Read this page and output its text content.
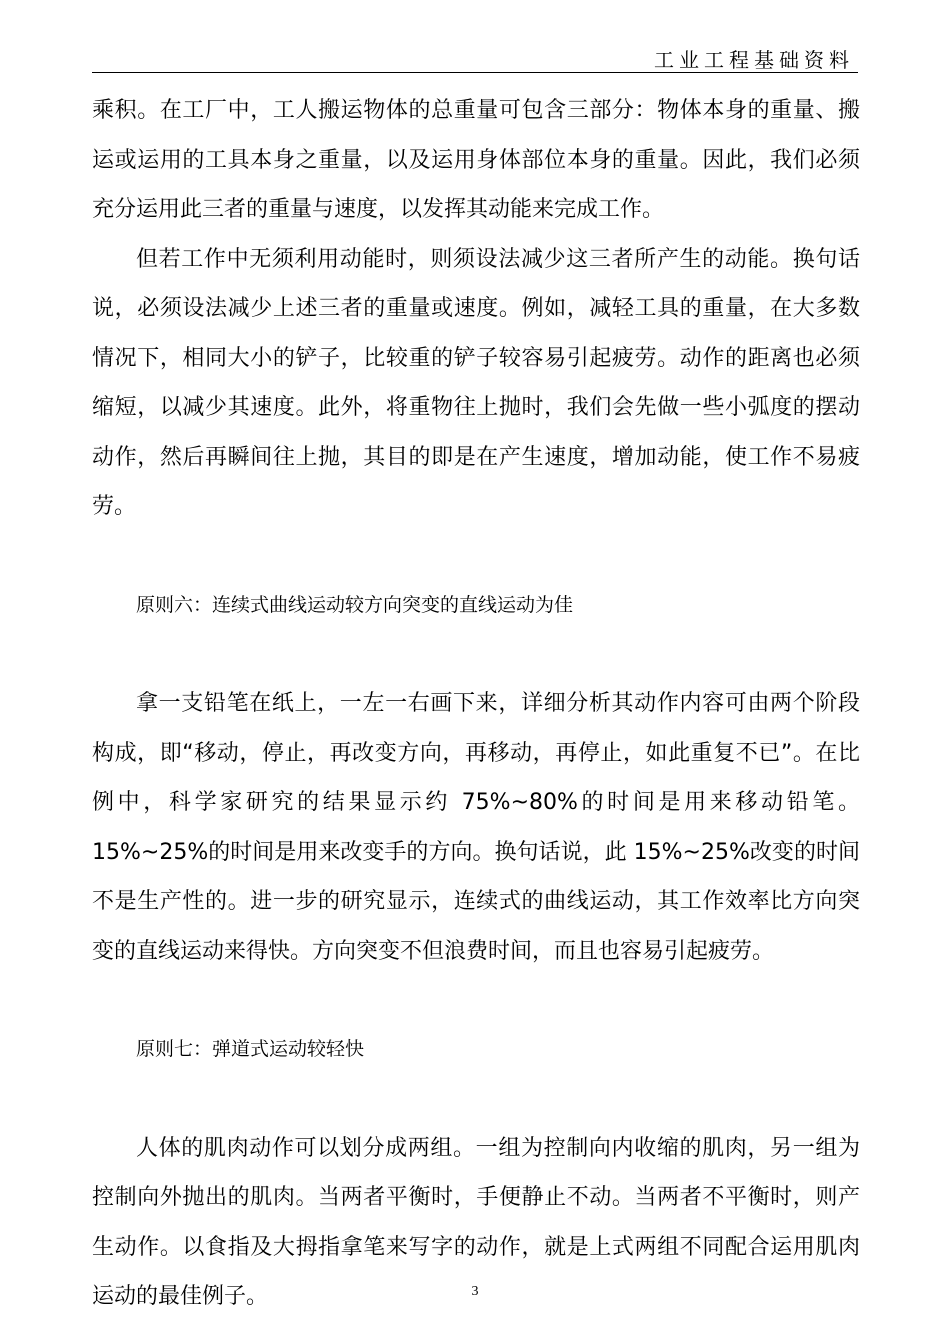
工业工程基础资料

乘积。在工厂中，工人搬运物体的总重量可包含三部分：物体本身的重量、搬运或运用的工具本身之重量，以及运用身体部位本身的重量。因此，我们必须充分运用此三者的重量与速度，以发挥其动能来完成工作。

但若工作中无须利用动能时，则须设法减少这三者所产生的动能。换句话说，必须设法减少上述三者的重量或速度。例如，减轻工具的重量，在大多数情况下，相同大小的铲子，比较重的铲子较容易引起疲劳。动作的距离也必须缩短，以减少其速度。此外，将重物往上抛时，我们会先做一些小弧度的摆动动作，然后再瞬间往上抛，其目的即是在产生速度，增加动能，使工作不易疲劳。

原则六：连续式曲线运动较方向突变的直线运动为佳

拿一支铅笔在纸上，一左一右画下来，详细分析其动作内容可由两个阶段构成，即“移动，停止，再改变方向，再移动，再停止，如此重复不已”。在比例中，科学家研究的结果显示约 75%~80%的时间是用来移动铅笔。15%~25%的时间是用来改变手的方向。换句话说，此 15%~25%改变的时间不是生产性的。进一步的研究显示，连续式的曲线运动，其工作效率比方向突变的直线运动来得快。方向突变不但浪费时间，而且也容易引起疲劳。

原则七：弹道式运动较轻快

人体的肌肉动作可以划分成两组。一组为控制向内收缩的肌肉，另一组为控制向外抛出的肌肉。当两者平衡时，手便静止不动。当两者不平衡时，则产生动作。以食指及大拇指拿笔来写字的动作，就是上式两组不同配合运用肌肉运动的最佳例子。	3
